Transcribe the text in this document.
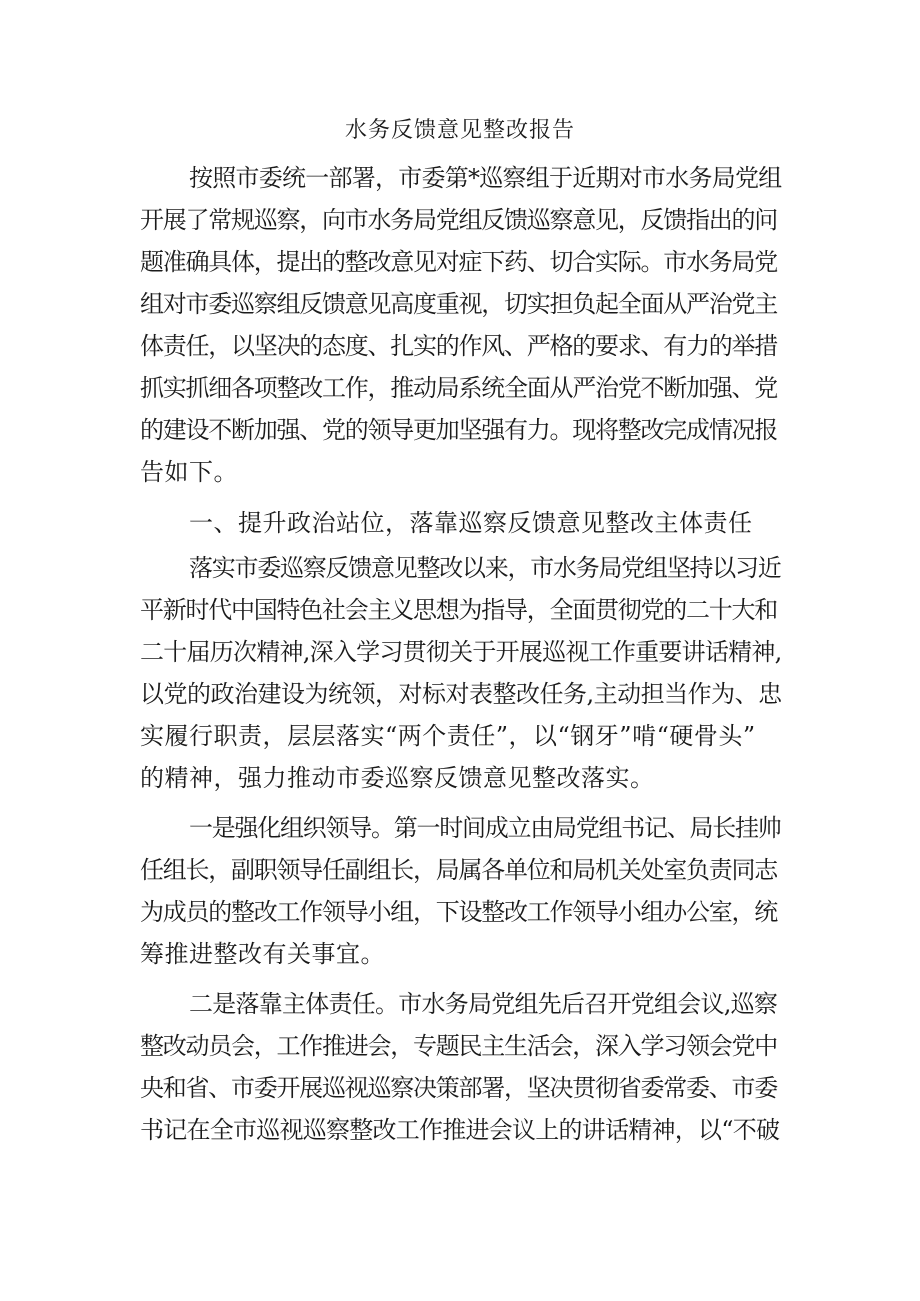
水务反馈意见整改报告
按照市委统一部署，市委第*巡察组于近期对市水务局党组
开展了常规巡察，向市水务局党组反馈巡察意见，反馈指出的问
题准确具体，提出的整改意见对症下药、切合实际。市水务局党
组对市委巡察组反馈意见高度重视，切实担负起全面从严治党主
体责任，以坚决的态度、扎实的作风、严格的要求、有力的举措
抓实抓细各项整改工作，推动局系统全面从严治党不断加强、党
的建设不断加强、党的领导更加坚强有力。现将整改完成情况报
告如下。
一、提升政治站位，落靠巡察反馈意见整改主体责任
落实市委巡察反馈意见整改以来，市水务局党组坚持以习近
平新时代中国特色社会主义思想为指导，全面贯彻党的二十大和
二十届历次精神,深入学习贯彻关于开展巡视工作重要讲话精神,
以党的政治建设为统领，对标对表整改任务,主动担当作为、忠
实履行职责，层层落实“两个责任”，以“钢牙”啃“硬骨头”
的精神，强力推动市委巡察反馈意见整改落实。
一是强化组织领导。第一时间成立由局党组书记、局长挂帅
任组长，副职领导任副组长，局属各单位和局机关处室负责同志
为成员的整改工作领导小组，下设整改工作领导小组办公室，统
筹推进整改有关事宜。
二是落靠主体责任。市水务局党组先后召开党组会议,巡察
整改动员会，工作推进会，专题民主生活会，深入学习领会党中
央和省、市委开展巡视巡察决策部署，坚决贯彻省委常委、市委
书记在全市巡视巡察整改工作推进会议上的讲话精神，以“不破
